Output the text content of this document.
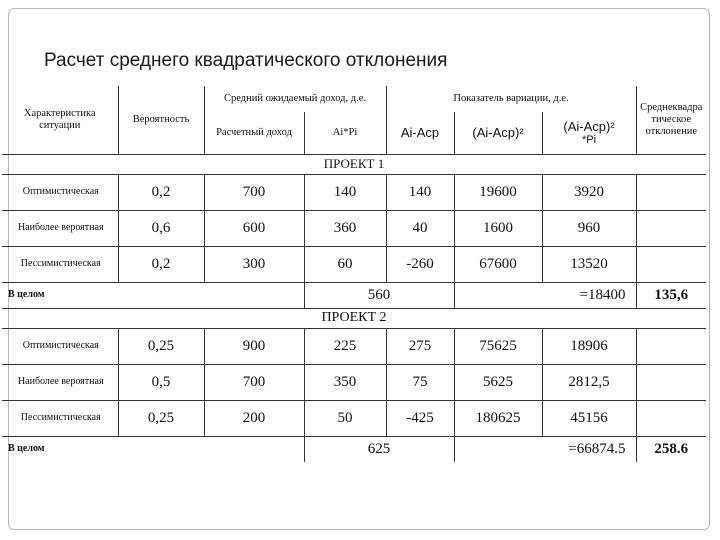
Расчет среднего квадратического отклонения
Характеристика ситуации	Вероятность	Средний ожидаемый доход, д.е.		Показатель вариации, д.е.			Среднеквадра тическое отклонение
		Расчетный доход	Ai*Pi	Ai-Acp	(Ai-Acp)²	(Ai-Acp)²
*Pi	

ПРОЕКТ 1							
Оптимистическая	0,2	700	140	140	19600	3920	
Наиболее вероятная	0,6	600	360	40	1600	960	
Пессимистическая	0,2	300	60	-260	67600	13520	
В целом			560		=18400		135,6
ПРОЕКТ 2							
Оптимистическая	0,25	900	225	275	75625	18906	
Наиболее вероятная	0,5	700	350	75	5625	2812,5	
Пессимистическая	0,25	200	50	-425	180625	45156	
В целом			625		=66874.5		258.6
